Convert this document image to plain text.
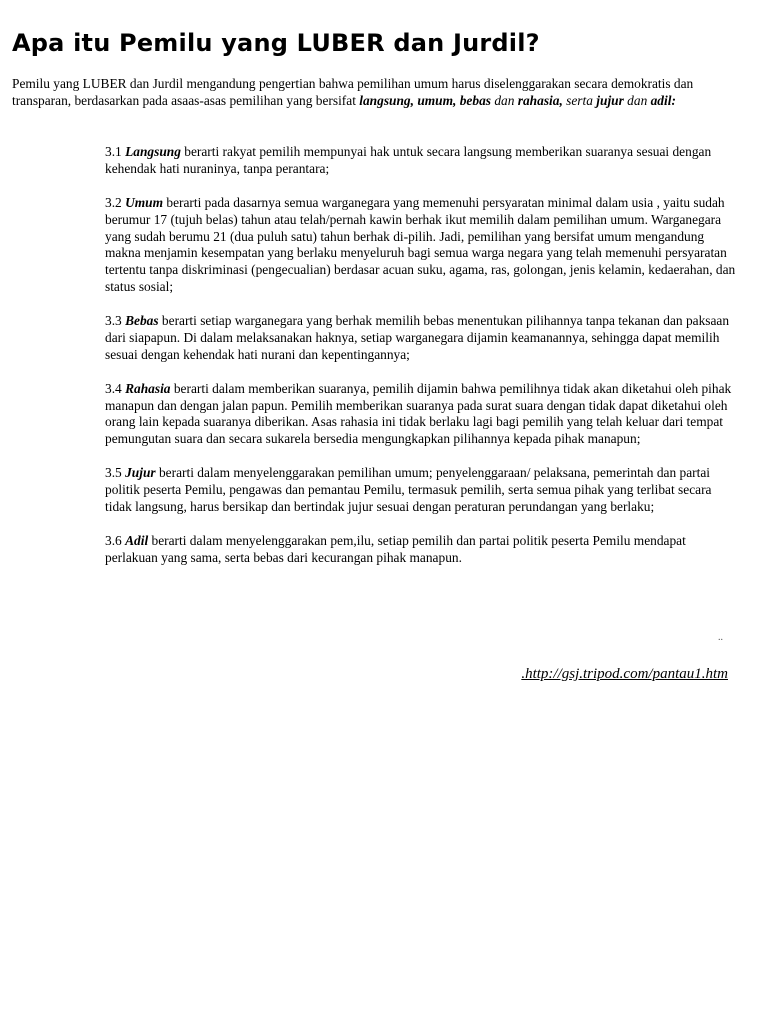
Apa itu Pemilu yang LUBER dan Jurdil?

Pemilu yang LUBER dan Jurdil mengandung pengertian bahwa pemilihan umum harus diselenggarakan secara demokratis dan transparan, berdasarkan pada asaas-asas pemilihan yang bersifat langsung, umum, bebas dan rahasia, serta jujur dan adil:

3.1 Langsung berarti rakyat pemilih mempunyai hak untuk secara langsung memberikan suaranya sesuai dengan kehendak hati nuraninya, tanpa perantara;

3.2 Umum berarti pada dasarnya semua warganegara yang memenuhi persyaratan minimal dalam usia , yaitu sudah berumur 17 (tujuh belas) tahun atau telah/pernah kawin berhak ikut memilih dalam pemilihan umum. Warganegara yang sudah berumu 21 (dua puluh satu) tahun berhak di-pilih. Jadi, pemilihan yang bersifat umum mengandung makna menjamin kesempatan yang berlaku menyeluruh bagi semua warga negara yang telah memenuhi persyaratan tertentu tanpa diskriminasi (pengecualian) berdasar acuan suku, agama, ras, golongan, jenis kelamin, kedaerahan, dan status sosial;

3.3 Bebas berarti setiap warganegara yang berhak memilih bebas menentukan pilihannya tanpa tekanan dan paksaan dari siapapun. Di dalam melaksanakan haknya, setiap warganegara dijamin keamanannya, sehingga dapat memilih sesuai dengan kehendak hati nurani dan kepentingannya;

3.4 Rahasia berarti dalam memberikan suaranya, pemilih dijamin bahwa pemilihnya tidak akan diketahui oleh pihak manapun dan dengan jalan papun. Pemilih memberikan suaranya pada surat suara dengan tidak dapat diketahui oleh orang lain kepada suaranya diberikan. Asas rahasia ini tidak berlaku lagi bagi pemilih yang telah keluar dari tempat pemungutan suara dan secara sukarela bersedia mengungkapkan pilihannya kepada pihak manapun;

3.5 Jujur berarti dalam menyelenggarakan pemilihan umum; penyelenggaraan/ pelaksana, pemerintah dan partai politik peserta Pemilu, pengawas dan pemantau Pemilu, termasuk pemilih, serta semua pihak yang terlibat secara tidak langsung, harus bersikap dan bertindak jujur sesuai dengan peraturan perundangan yang berlaku;

3.6 Adil berarti dalam menyelenggarakan pem,ilu, setiap pemilih dan partai politik peserta Pemilu mendapat perlakuan yang sama, serta bebas dari kecurangan pihak manapun.

..
.http://gsj.tripod.com/pantau1.htm
